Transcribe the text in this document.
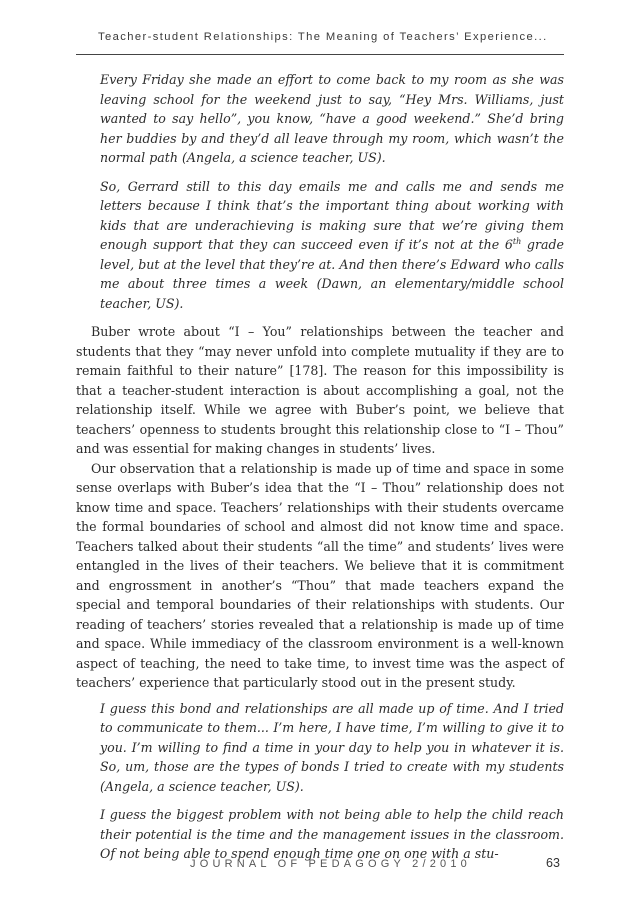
Teacher-student Relationships: The Meaning of Teachers’ Experience...

Every Friday she made an effort to come back to my room as she was leaving school for the weekend just to say, “Hey Mrs. Williams, just wanted to say hello”, you know, “have a good weekend.” She’d bring her buddies by and they’d all leave through my room, which wasn’t the normal path (Angela, a science teacher, US).

So, Gerrard still to this day emails me and calls me and sends me letters because I think that’s the important thing about working with kids that are underachieving is making sure that we’re giving them enough support that they can succeed even if it’s not at the 6th grade level, but at the level that they’re at. And then there’s Edward who calls me about three times a week (Dawn, an elementary/middle school teacher, US).

Buber wrote about “I – You” relationships between the teacher and students that they “may never unfold into complete mutuality if they are to remain faithful to their nature” [178]. The reason for this impossibility is that a teacher-student interaction is about accomplishing a goal, not the relationship itself. While we agree with Buber’s point, we believe that teachers’ openness to students brought this relationship close to “I – Thou” and was essential for making changes in students’ lives.

Our observation that a relationship is made up of time and space in some sense overlaps with Buber’s idea that the “I – Thou” relationship does not know time and space. Teachers’ relationships with their students overcame the formal boundaries of school and almost did not know time and space. Teachers talked about their students “all the time” and students’ lives were entangled in the lives of their teachers. We believe that it is commitment and engrossment in another’s “Thou” that made teachers expand the special and temporal boundaries of their relationships with students. Our reading of teachers’ stories revealed that a relationship is made up of time and space. While immediacy of the classroom environment is a well-known aspect of teaching, the need to take time, to invest time was the aspect of teachers’ experience that particularly stood out in the present study.

I guess this bond and relationships are all made up of time. And I tried to communicate to them... I’m here, I have time, I’m willing to give it to you. I’m willing to find a time in your day to help you in whatever it is. So, um, those are the types of bonds I tried to create with my students (Angela, a science teacher, US).

I guess the biggest problem with not being able to help the child reach their potential is the time and the management issues in the classroom. Of not being able to spend enough time one on one with a stu-

JOURNAL OF PEDAGOGY 2/2010	63
